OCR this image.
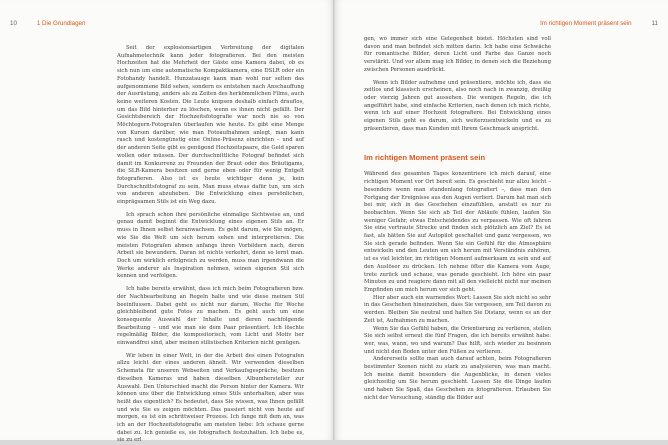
10	1 Die Grundlagen

Seit der explosionsartigen Verbreitung der digitalen Aufnahmetechnik kann jeder fotografieren. Bei den meisten Hochzeiten hat die Mehrheit der Gäste eine Kamera dabei, ob es sich nun um eine automatische Kompaktkamera, eine DSLR oder ein Fotohandy handelt. Hunzatausge kann man wohl nur selten das aufgenommene Bild sehen, sondern es entstehen nach Anschauffung der Ausrüstung, anders als zu Zeiten des herkömmlichen Films, auch keine weiteren Kosten. Die Leute knipsen deshalb einfach drauflos, um das Bild hinterher zu löschen, wenn es ihnen nicht gefällt. Der Gesichtsbereich der Hochzeitsfotografie war noch nie so von Möchtegern-Fotografen überlaufen wie heute. Es gibt eine Menge von Kursen darüber, wie man Fotoaufnahmen anlegt, man kann rasch und kostengünstig eine Online-Präsenz einrichten – und auf der anderen Seite gibt es genügend Hochzeitspaare, die Geld sparen wollen oder müssen. Der durchschnittliche Fotograf befindet sich damit im Konkurrenz zu Freunden der Braut oder des Bräutigams, die SLR-Kamera besitzen und gerne eben oder für wenig Entgelt fotografieren. Also ist es heute wichtiger denn je, kein Durchschnittsfotograf zu sein. Man muss etwas dafür tun, um sich von anderen abzuheben. Die Entwicklung eines persönlichen, einprägsamen Stils ist ein Weg dazu.

Ich sprach schon ihre persönliche einmalige Sichtweise an, und genau damit beginnt die Entwicklung eines eigenen Stils an. Er muss in Ihnen selbst heranwachsen. Es geht darum, wie Sie mögen, wie Sie die Welt um sich herum sehen und interpretieren. Die meisten Fotografen ahmen anfangs ihren Vorbildern nach, deren Arbeit sie bewundern. Daran ist nichts verkehrt, denn so lernt man. Doch um wirklich erfolgreich zu werden, muss man irgendwann die Werke anderer als Inspiration nehmen, seinen eigenen Stil sich kennen und verfolgen.

Ich habe bereits erwähnt, dass ich mich beim Fotografieren bzw. der Nachbearbeitung an Regeln halte und wie diese meinen Stil beeinflussen. Dabei geht es nicht nur darum, Woche für Woche gleichbleibend gute Fotos zu machen. Es geht auch um eine konsequente Auswahl der Inhalte und deren nachfolgende Bearbeitung – und wie man sie dem Paar präsentiert. Ich löschte regelmäßig Bilder, die kompositorisch, vom Licht und Motiv her einwandfrei sind, aber meinen stilistischen Kriterien nicht genügen.

Wir leben in einer Welt, in der die Arbeit des einen Fotografen allzu leicht der eines anderen ähnelt. Wir verwenden dieselben Schemata für unseren Webseiten und Verkaufsgespräche, besitzen dieselben Kameras und haben dieselben Albumhersteller zur Auswahl. Den Unterschied macht die Person hinter der Kamera. Wir können uns über die Entwicklung eines Stils unterhalten, aber was heißt das eigentlich? Es bedeutet, dass Sie wissen, was Ihnen gefällt und wie Sie es zeigen möchten. Das passiert nicht von heute auf morgen, es ist ein schrittweiser Prozess. Ich fange mit dem an, was ich an der Hochzeitsfotografie am meisten liebe: Ich schaue gerne dabei zu. Ich genieße es, sie fotografisch festzuhalten. Ich liebe es, sie zu erl

Im richtigen Moment präsent sein	11

gen, wo immer sich eine Gelegenheit bietet. Höchsten sind voll davon und man befindet sich mitten darin. Ich habe eine Schwäche für romantische Bilder, deren Licht und Farbe das Ganze noch verstärkt. Und vor allem mag ich Bilder, in denen sich die Beziehung zwischen Personen ausdrückt.

Wenn ich Bilder aufnehme und präsentiere, möchte ich, dass sie zeitlos und klassisch erscheinen, also noch nach in zwanzig, dreißig oder vierzig Jahren gut aussehen. Die wenigen Regeln, die ich angelführt habe, sind einfache Kriterien, nach denen ich mich richte, wenn ich auf einer Hochzeit fotografiere. Bei Entwicklung eines eigenen Stils geht es darum, sich weiterzuentwickeln und es zu präsentieren, dass man Kunden mit Ihrem Geschmack anspricht.

Im richtigen Moment präsent sein

Während des gesamten Tages konzentriere ich mich darauf, eine richtigen Moment vor Ort bereit sein. Es geschieht nur allzu leicht – besonders wenn man stundenlang fotografiert –, dass man den Fortgang der Ereignisse aus den Augen verliert. Darum hat man sich bei mir, sich in das Geschehen einzufühlen, anstatt es nur zu beobachten. Wenn Sie sich ab Teil der Abläufe fühlen, laufen Sie weniger Gefahr, etwas Entscheidendes zu verpassen. Wie oft fahren Sie eine vertraute Strecke und finden sich plötzlich am Ziel? Es ist fast, als hätten Sie auf Autopilot geschaltet und ganz vergessen, wo Sie sich gerade befinden. Wenn Sie ein Gefühl für die Atmosphäre entwickeln und den Leuten um sich herum mit Verständnis zuhören, ist es viel leichter, im richtigen Moment aufmerksam zu sein und auf den Auslöser zu drücken. Ich nehme öfter die Kamera vom Auge, trete zurück und schaue, was gerade geschieht. Ich höre ein paar Minuten zu und reagiere dann mit all den vielleicht nicht nur meinen Empfinden um mich herum vor sich geht.

Hier aber auch ein warnendes Wort: Lassen Sie sich nicht so sehr in das Geschehen hineinziehen, dass Sie vergessen, um Teil davon zu werden. Bleiben Sie neutral und halten Sie Distanz, wenn es an der Zeit ist, Aufnahmen zu machen.

Wenn Sie das Gefühl haben, die Orientierung zu verlieren, stellen Sie sich selbst erneut die fünf Fragen, die ich bereits erwähnt habe: wer, was, wann, wo und warum? Das hilft, sich wieder zu besinnen und nicht den Boden unter den Füßen zu verlieren.

Andererseits sollte man auch darauf achten, beim Fotografieren bestimmter Szenen nicht zu stark zu analysieren, was man macht. Ich meine damit besonders die Augenblicke, in denen vieles gleichzeitig um Sie herum geschieht. Lassen Sie die Dinge laufen und haben Sie Spaß, das Geschehen zu fotografieren. Erlauben Sie nicht der Versuchung, ständig die Bilder auf
